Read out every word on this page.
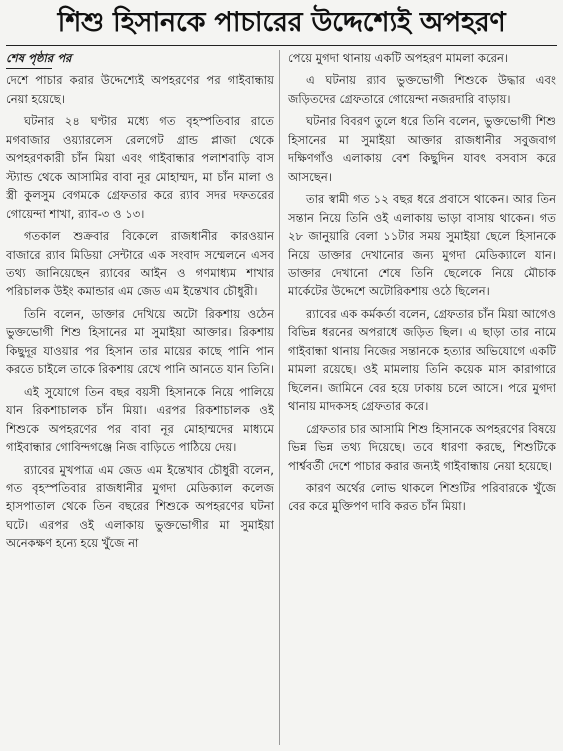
শিশু হিসানকে পাচারের উদ্দেশ্যেই অপহরণ
শেষ পৃষ্ঠার পর

দেশে পাচার করার উদ্দেশ্যেই অপহরণের পর গাইবান্ধায় নেয়া হয়েছে।

ঘটনার ২৪ ঘণ্টার মধ্যে গত বৃহস্পতিবার রাতে মগবাজার ওয়্যারলেস রেলগেট গ্রান্ড প্লাজা থেকে অপহরণকারী চাঁন মিয়া এবং গাইবান্ধার পলাশবাড়ি বাস স্ট্যান্ড থেকে আসামির বাবা নূর মোহাম্মদ, মা চাঁন মালা ও স্ত্রী কুলসুম বেগমকে গ্রেফতার করে র‍্যাব সদর দফতরের গোয়েন্দা শাখা, র‍্যাব-৩ ও ১৩।

গতকাল শুক্রবার বিকেলে রাজধানীর কারওয়ান বাজারে র‍্যাব মিডিয়া সেন্টারে এক সংবাদ সম্মেলনে এসব তথ্য জানিয়েছেন র‍্যাবের আইন ও গণমাধ্যম শাখার পরিচালক উইং কমান্ডার এম জেড এম ইন্তেখাব চৌধুরী।

তিনি বলেন, ডাক্তার দেখিয়ে অটো রিকশায় ওঠেন ভুক্তভোগী শিশু হিসানের মা সুমাইয়া আক্তার। রিকশায় কিছুদূর যাওয়ার পর হিসান তার মায়ের কাছে পানি পান করতে চাইলে তাকে রিকশায় রেখে পানি আনতে যান তিনি।

এই সুযোগে তিন বছর বয়সী হিসানকে নিয়ে পালিয়ে যান রিকশাচালক চাঁন মিয়া। এরপর রিকশাচালক ওই শিশুকে অপহরণের পর বাবা নূর মোহাম্মদের মাধ্যমে গাইবান্ধার গোবিন্দগঞ্জে নিজ বাড়িতে পাঠিয়ে দেয়।

র‍্যাবের মুখপাত্র এম জেড এম ইন্তেখাব চৌধুরী বলেন, গত বৃহস্পতিবার রাজধানীর মুগদা মেডিক্যাল কলেজ হাসপাতাল থেকে তিন বছরের শিশুকে অপহরণের ঘটনা ঘটে। এরপর ওই এলাকায় ভুক্তভোগীর মা সুমাইয়া অনেকক্ষণ হন্যে হয়ে খুঁজে না

পেয়ে মুগদা থানায় একটি অপহরণ মামলা করেন।

এ ঘটনায় র‍্যাব ভুক্তভোগী শিশুকে উদ্ধার এবং জড়িতদের গ্রেফতারে গোয়েন্দা নজরদারি বাড়ায়।

ঘটনার বিবরণ তুলে ধরে তিনি বলেন, ভুক্তভোগী শিশু হিসানের মা সুমাইয়া আক্তার রাজধানীর সবুজবাগ দক্ষিণগাঁও এলাকায় বেশ কিছুদিন যাবৎ বসবাস করে আসছেন।

তার স্বামী গত ১২ বছর ধরে প্রবাসে থাকেন। আর তিন সন্তান নিয়ে তিনি ওই এলাকায় ভাড়া বাসায় থাকেন। গত ২৮ জানুয়ারি বেলা ১১টার সময় সুমাইয়া ছেলে হিসানকে নিয়ে ডাক্তার দেখানোর জন্য মুগদা মেডিক্যালে যান। ডাক্তার দেখানো শেষে তিনি ছেলেকে নিয়ে মৌচাক মার্কেটের উদ্দেশে অটোরিকশায় ওঠে ছিলেন।

র‍্যাবের এক কর্মকর্তা বলেন, গ্রেফতার চাঁন মিয়া আগেও বিভিন্ন ধরনের অপরাধে জড়িত ছিল। এ ছাড়া তার নামে গাইবান্ধা থানায় নিজের সন্তানকে হত্যার অভিযোগে একটি মামলা রয়েছে। ওই মামলায় তিনি কয়েক মাস কারাগারে ছিলেন। জামিনে বের হয়ে ঢাকায় চলে আসে। পরে মুগদা থানায় মাদকসহ গ্রেফতার করে।

গ্রেফতার চার আসামি শিশু হিসানকে অপহরণের বিষয়ে ভিন্ন ভিন্ন তথ্য দিয়েছে। তবে ধারণা করছে, শিশুটিকে পার্শ্ববর্তী দেশে পাচার করার জন্যই গাইবান্ধায় নেয়া হয়েছে।

কারণ অর্থের লোভ থাকলে শিশুটির পরিবারকে খুঁজে বের করে মুক্তিপণ দাবি করত চাঁন মিয়া।
